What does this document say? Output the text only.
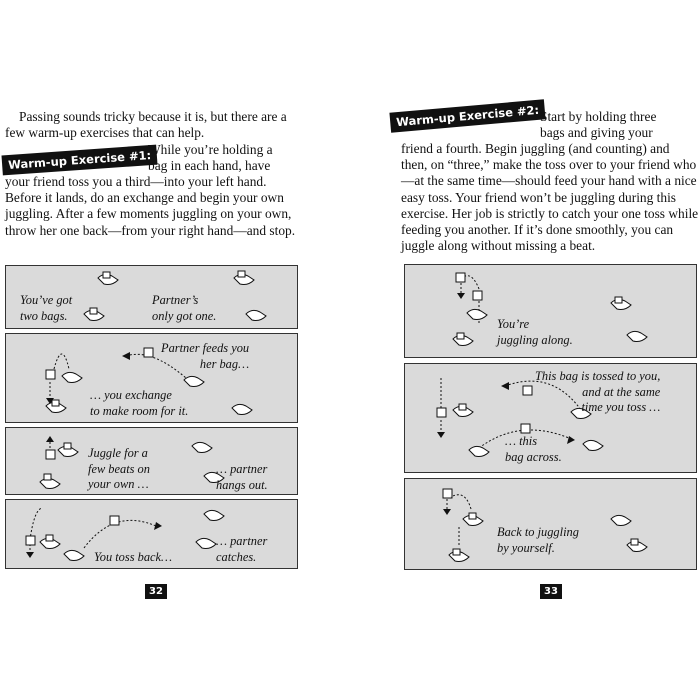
Passing sounds tricky because it is, but there are a few warm-up exercises that can help.

Warm-up Exercise #1:
While you’re holding a
bag in each hand, have

your friend toss you a third—into your left hand. Before it lands, do an exchange and begin your own juggling. After a few moments juggling on your own, throw her one back—from your right hand—and stop.

You’ve got
two bags.
Partner’s
only got one.
Partner feeds you
her bag…
… you exchange
to make room for it.
Juggle for a
few beats on
your own …
… partner
hangs out.
You toss back…
… partner
catches.
32
Warm-up Exercise #2: Start by holding three
bags and giving your

friend a fourth. Begin juggling (and counting) and then, on “three,” make the toss over to your friend who—at the same time—should feed your hand with a nice easy toss. Your friend won’t be juggling during this exercise. Her job is strictly to catch your one toss while feeding you another. If it’s done smoothly, you can juggle along without missing a beat.

You’re
juggling along.
This bag is tossed to you,
and at the same
time you toss …
… this
bag across.
Back to juggling
by yourself.
33
